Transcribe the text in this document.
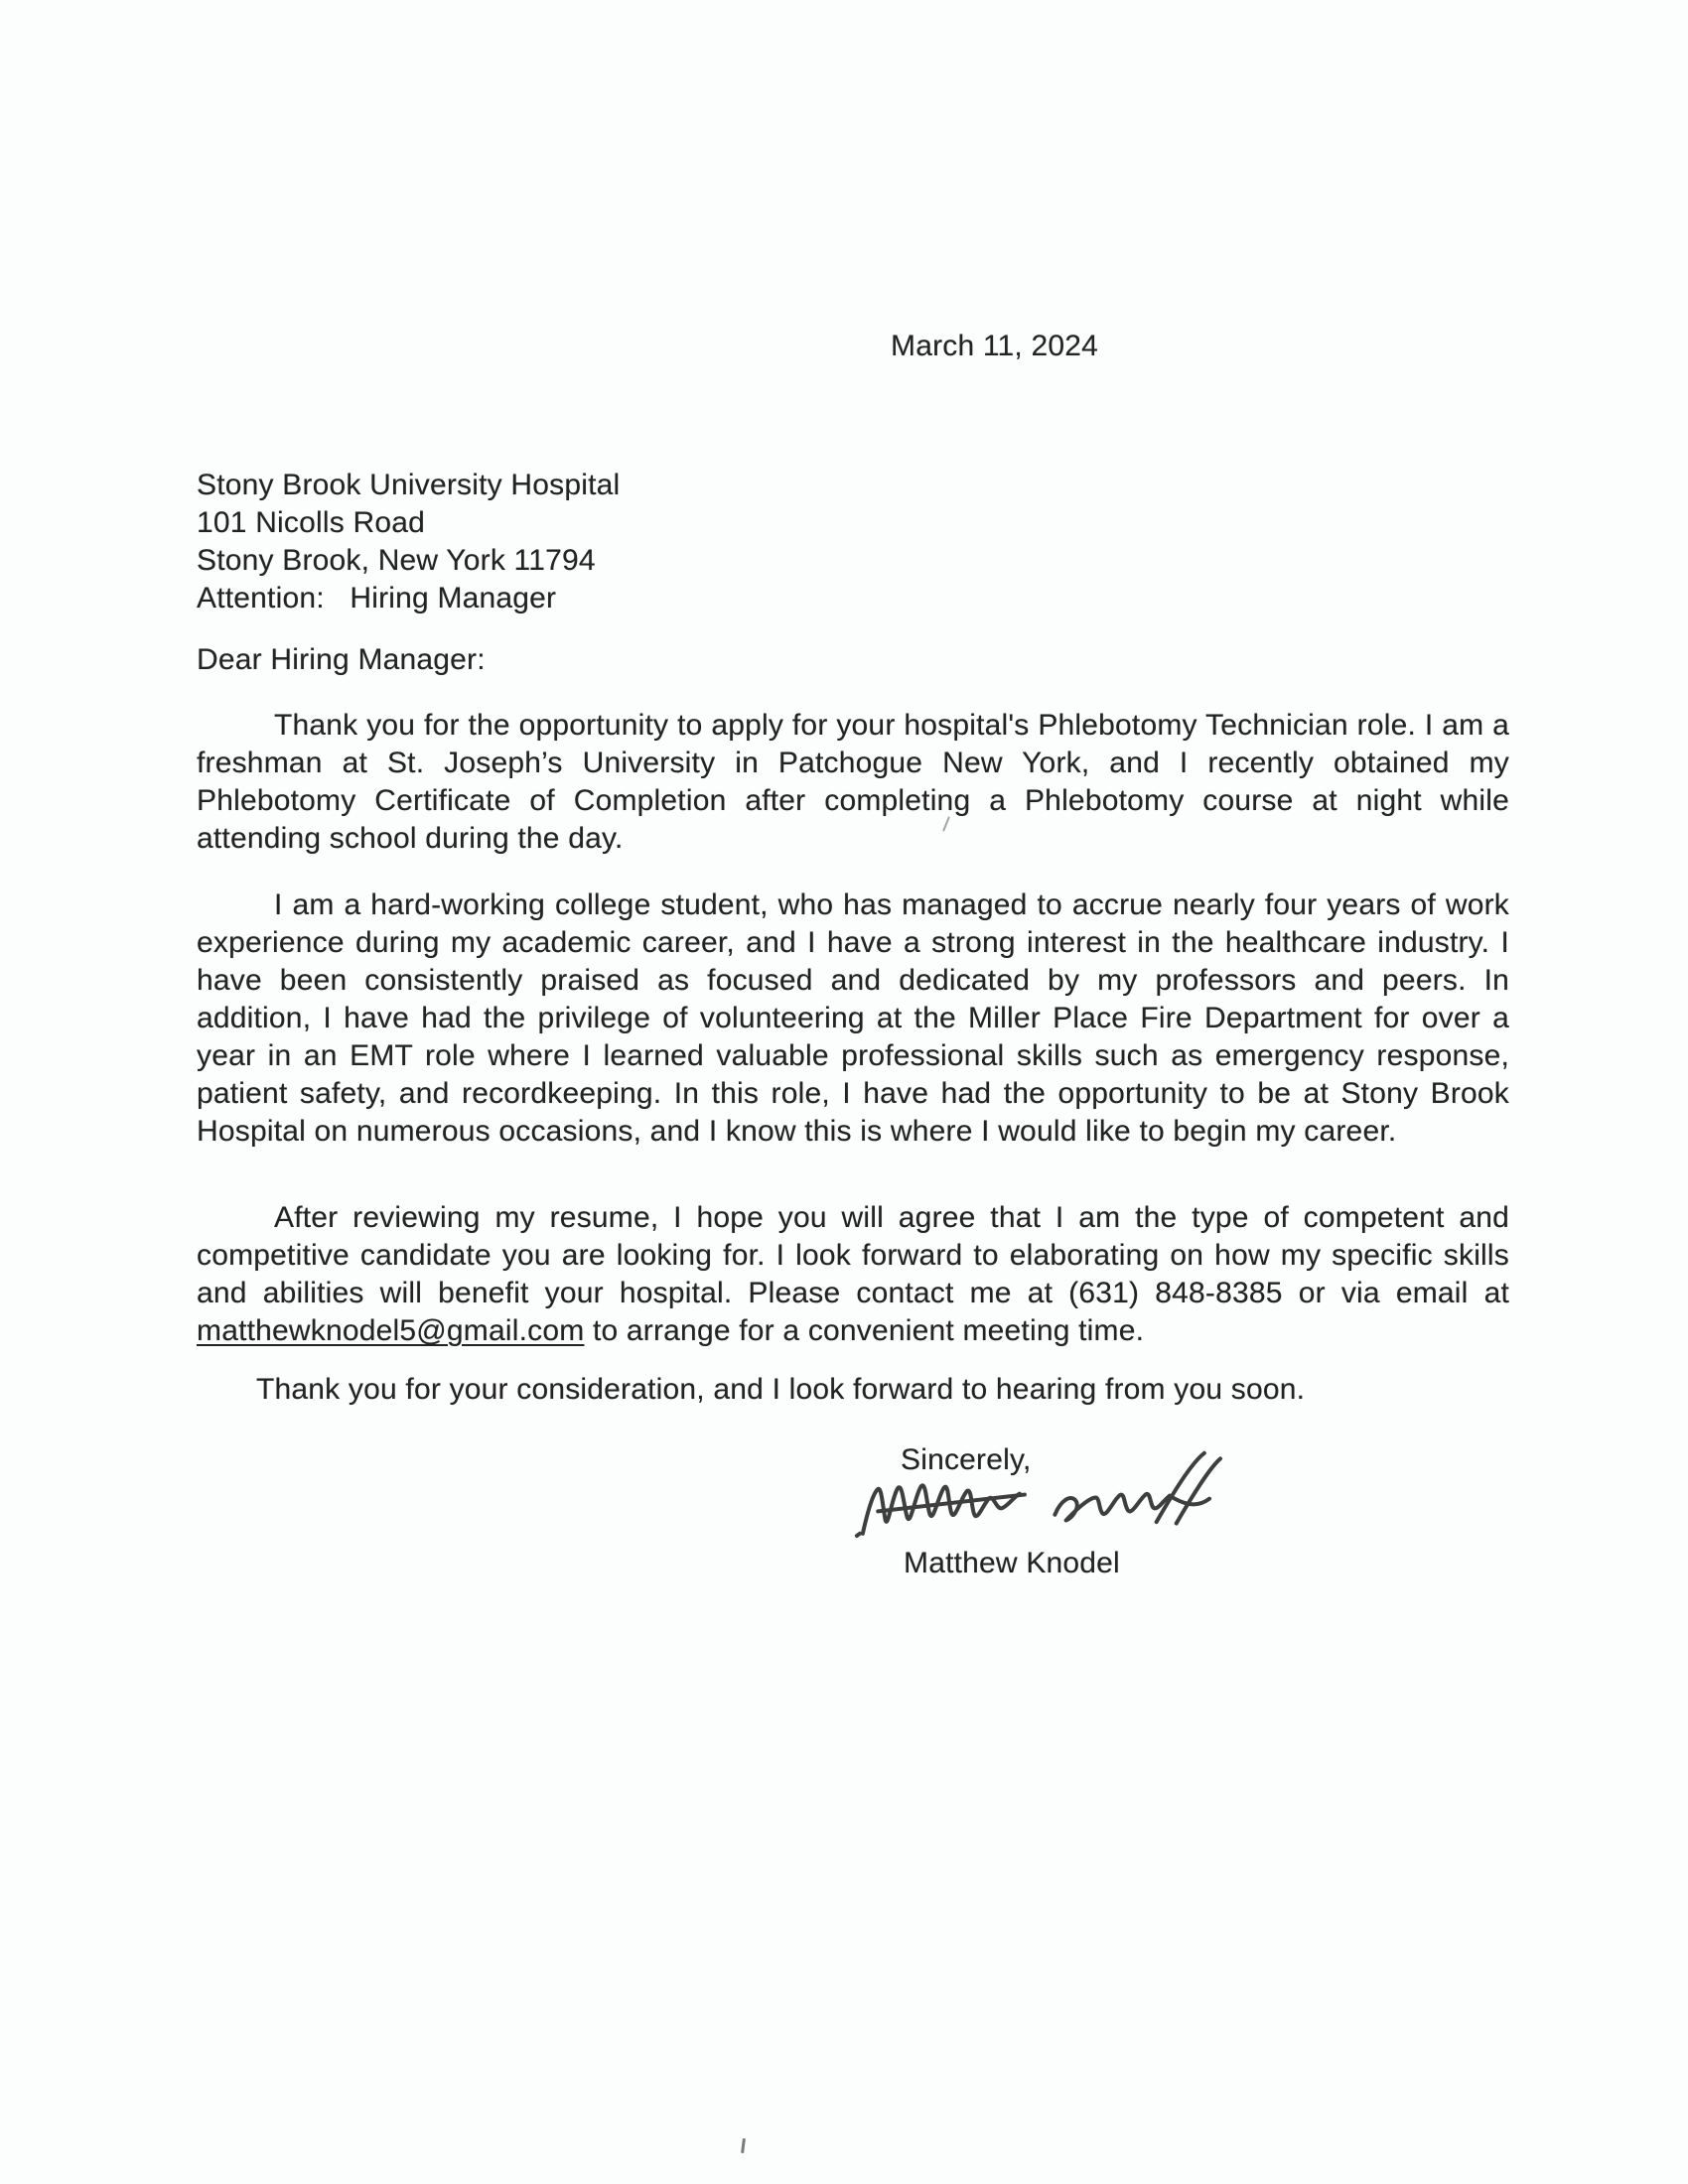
March 11, 2024
Stony Brook University Hospital
101 Nicolls Road
Stony Brook, New York 11794
Attention:   Hiring Manager
Dear Hiring Manager:
Thank you for the opportunity to apply for your hospital's Phlebotomy Technician role. I am a freshman at St. Joseph’s University in Patchogue New York, and I recently obtained my Phlebotomy Certificate of Completion after completing a Phlebotomy course at night while attending school during the day.
I am a hard-working college student, who has managed to accrue nearly four years of work experience during my academic career, and I have a strong interest in the healthcare industry. I have been consistently praised as focused and dedicated by my professors and peers. In addition, I have had the privilege of volunteering at the Miller Place Fire Department for over a year in an EMT role where I learned valuable professional skills such as emergency response, patient safety, and recordkeeping. In this role, I have had the opportunity to be at Stony Brook Hospital on numerous occasions, and I know this is where I would like to begin my career.
After reviewing my resume, I hope you will agree that I am the type of competent and competitive candidate you are looking for. I look forward to elaborating on how my specific skills and abilities will benefit your hospital. Please contact me at (631) 848-8385 or via email at matthewknodel5@gmail.com to arrange for a convenient meeting time.
Thank you for your consideration, and I look forward to hearing from you soon.
Sincerely,
Matthew Knodel
